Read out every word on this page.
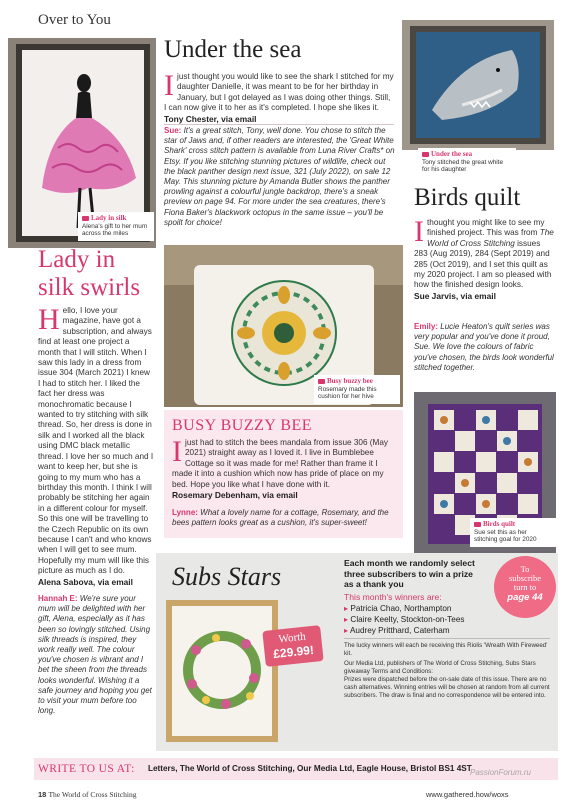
Over to You
Lady in silk
Alena's gift to her mum across the miles
Lady in
silk swirls
Hello, I love your magazine, have got a subscription, and always find at least one project a month that I will stitch. When I saw this lady in a dress from issue 304 (March 2021) I knew I had to stitch her. I liked the fact her dress was monochromatic because I wanted to try stitching with silk thread. So, her dress is done in silk and I worked all the black using DMC black metallic thread. I love her so much and I want to keep her, but she is going to my mum who has a birthday this month. I think I will probably be stitching her again in a different colour for myself. So this one will be travelling to the Czech Republic on its own because I can't and who knows when I will get to see mum. Hopefully my mum will like this picture as much as I do.
Alena Sabova, via email
Hannah E: We're sure your mum will be delighted with her gift, Alena, especially as it has been so lovingly stitched. Using silk threads is inspired, they work really well. The colour you've chosen is vibrant and I bet the sheen from the threads looks wonderful. Wishing it a safe journey and hoping you get to visit your mum before too long.
Under the sea
Ijust thought you would like to see the shark I stitched for my daughter Danielle, it was meant to be for her birthday in January, but I got delayed as I was doing other things. Still, I can now give it to her as it's completed. I hope she likes it.
Tony Chester, via email
Sue: It's a great stitch, Tony, well done. You chose to stitch the star of Jaws and, if other readers are interested, the 'Great White Shark' cross stitch pattern is available from Luna River Crafts* on Etsy. If you like stitching stunning pictures of wildlife, check out the black panther design next issue, 321 (July 2022), on sale 12 May. This stunning picture by Amanda Butler shows the panther prowling against a colourful jungle backdrop, there's a sneak preview on page 94. For more under the sea creatures, there's Fiona Baker's blackwork octopus in the same issue – you'll be spoilt for choice!
Under the sea
Tony stitched the great white for his daughter
Busy buzzy bee
Rosemary made this cushion for her hive
BUSY BUZZY BEE
Ijust had to stitch the bees mandala from issue 306 (May 2021) straight away as I loved it. I live in Bumblebee Cottage so it was made for me! Rather than frame it I made it into a cushion which now has pride of place on my bed. Hope you like what I have done with it.
Rosemary Debenham, via email
Lynne: What a lovely name for a cottage, Rosemary, and the bees pattern looks great as a cushion, it's super-sweet!
Birds quilt
Ithought you might like to see my finished project. This was from The World of Cross Stitching issues 283 (Aug 2019), 284 (Sept 2019) and 285 (Oct 2019), and I set this quilt as my 2020 project. I am so pleased with how the finished design looks.
Sue Jarvis, via email
Emily: Lucie Heaton's quilt series was very popular and you've done it proud, Sue. We love the colours of fabric you've chosen, the birds look wonderful stitched together.
Birds quilt
Sue set this as her stitching goal for 2020
Subs Stars
Worth
£29.99!
Each month we randomly select three subscribers to win a prize as a thank you
To
subscribe
turn to
page 44
This month's winners are:
▸ Patricia Chao, Northampton
▸ Claire Keelty, Stockton-on-Tees
▸ Audrey Pritthard, Caterham
The lucky winners will each be receiving this Riolis 'Wreath With Fireweed' kit.
Our Media Ltd, publishers of The World of Cross Stitching, Subs Stars giveaway Terms and Conditions:
Prizes were dispatched before the on-sale date of this issue. There are no cash alternatives. Winning entries will be chosen at random from all current subscribers. The draw is final and no correspondence will be entered into.
WRITE TO US AT: Letters, The World of Cross Stitching, Our Media Ltd, Eagle House, Bristol BS1 4ST
18 The World of Cross Stitching	www.gathered.how/woxs
PassionForum.ru
